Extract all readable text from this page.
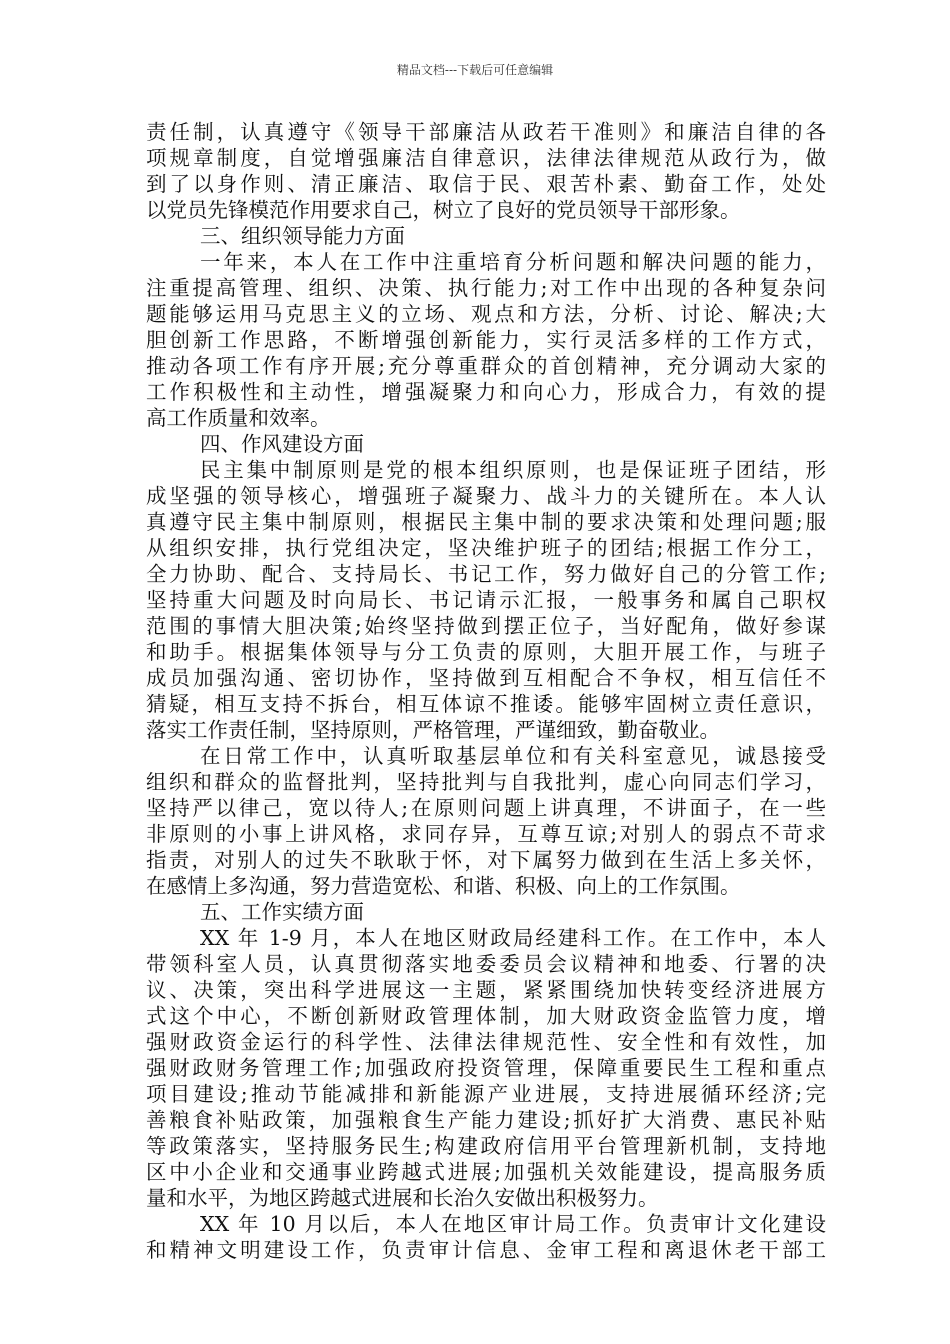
精品文档---下载后可任意编辑
责任制，认真遵守《领导干部廉洁从政若干准则》和廉洁自律的各
项规章制度，自觉增强廉洁自律意识，法律法律规范从政行为，做
到了以身作则、清正廉洁、取信于民、艰苦朴素、勤奋工作，处处
以党员先锋模范作用要求自己，树立了良好的党员领导干部形象。
三、组织领导能力方面
一年来，本人在工作中注重培育分析问题和解决问题的能力，
注重提高管理、组织、决策、执行能力;对工作中出现的各种复杂问
题能够运用马克思主义的立场、观点和方法，分析、讨论、解决;大
胆创新工作思路，不断增强创新能力，实行灵活多样的工作方式，
推动各项工作有序开展;充分尊重群众的首创精神，充分调动大家的
工作积极性和主动性，增强凝聚力和向心力，形成合力，有效的提
高工作质量和效率。
四、作风建设方面
民主集中制原则是党的根本组织原则，也是保证班子团结，形
成坚强的领导核心，增强班子凝聚力、战斗力的关键所在。本人认
真遵守民主集中制原则，根据民主集中制的要求决策和处理问题;服
从组织安排，执行党组决定，坚决维护班子的团结;根据工作分工，
全力协助、配合、支持局长、书记工作，努力做好自己的分管工作;
坚持重大问题及时向局长、书记请示汇报，一般事务和属自己职权
范围的事情大胆决策;始终坚持做到摆正位子，当好配角，做好参谋
和助手。根据集体领导与分工负责的原则，大胆开展工作，与班子
成员加强沟通、密切协作，坚持做到互相配合不争权，相互信任不
猜疑，相互支持不拆台，相互体谅不推诿。能够牢固树立责任意识，
落实工作责任制，坚持原则，严格管理，严谨细致，勤奋敬业。
在日常工作中，认真听取基层单位和有关科室意见，诚恳接受
组织和群众的监督批判，坚持批判与自我批判，虚心向同志们学习，
坚持严以律己，宽以待人;在原则问题上讲真理，不讲面子，在一些
非原则的小事上讲风格，求同存异，互尊互谅;对别人的弱点不苛求
指责，对别人的过失不耿耿于怀，对下属努力做到在生活上多关怀，
在感情上多沟通，努力营造宽松、和谐、积极、向上的工作氛围。
五、工作实绩方面
XX 年 1-9 月，本人在地区财政局经建科工作。在工作中，本人
带领科室人员，认真贯彻落实地委委员会议精神和地委、行署的决
议、决策，突出科学进展这一主题，紧紧围绕加快转变经济进展方
式这个中心，不断创新财政管理体制，加大财政资金监管力度，增
强财政资金运行的科学性、法律法律规范性、安全性和有效性，加
强财政财务管理工作;加强政府投资管理，保障重要民生工程和重点
项目建设;推动节能减排和新能源产业进展，支持进展循环经济;完
善粮食补贴政策，加强粮食生产能力建设;抓好扩大消费、惠民补贴
等政策落实，坚持服务民生;构建政府信用平台管理新机制，支持地
区中小企业和交通事业跨越式进展;加强机关效能建设，提高服务质
量和水平，为地区跨越式进展和长治久安做出积极努力。
XX 年 10 月以后，本人在地区审计局工作。负责审计文化建设
和精神文明建设工作，负责审计信息、金审工程和离退休老干部工
